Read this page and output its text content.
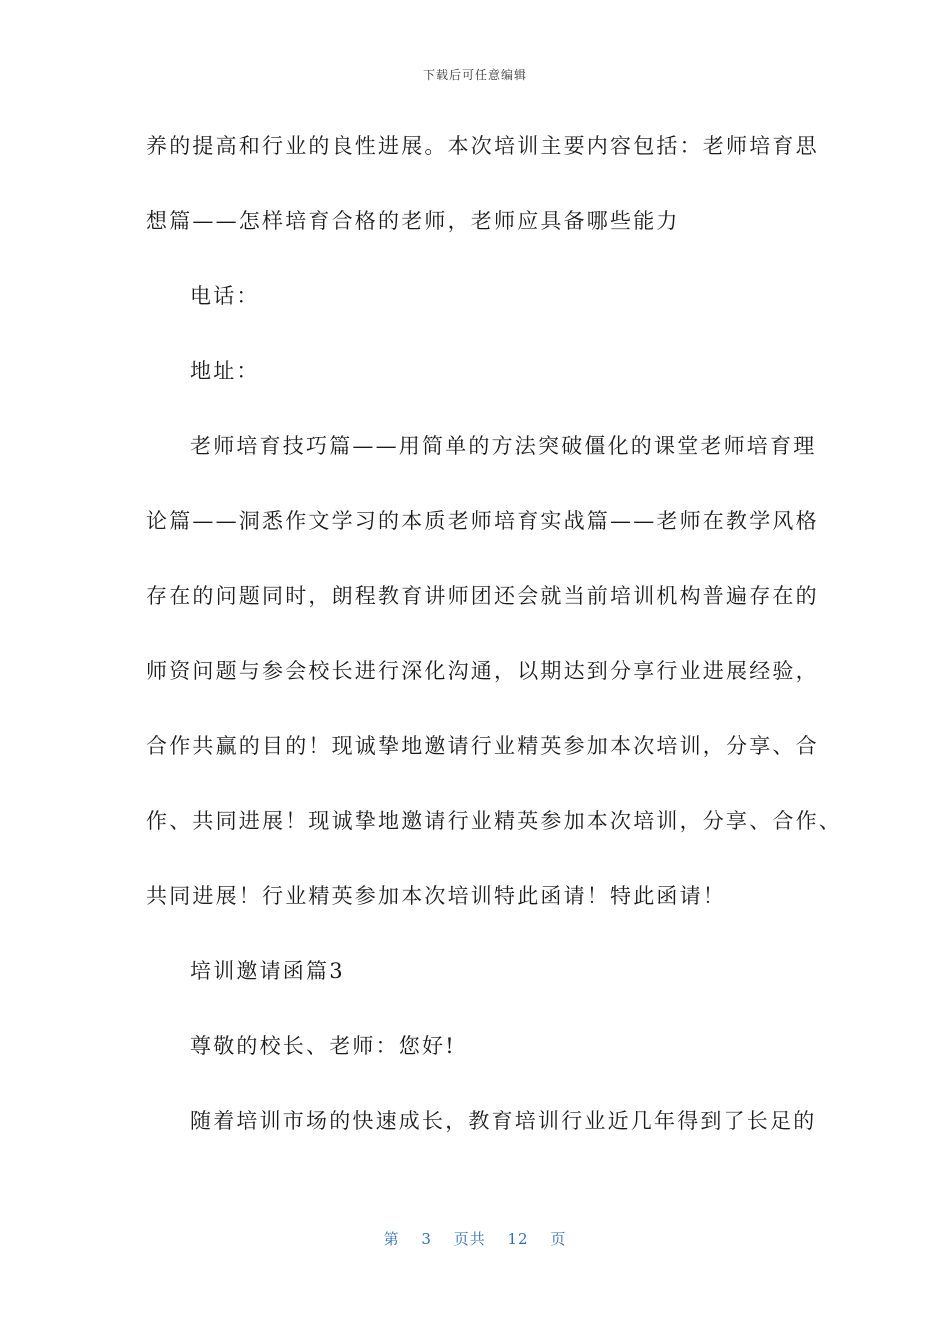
下载后可任意编辑
养的提高和行业的良性进展。本次培训主要内容包括：老师培育思
想篇——怎样培育合格的老师，老师应具备哪些能力
电话：
地址：
老师培育技巧篇——用简单的方法突破僵化的课堂老师培育理
论篇——洞悉作文学习的本质老师培育实战篇——老师在教学风格
存在的问题同时，朗程教育讲师团还会就当前培训机构普遍存在的
师资问题与参会校长进行深化沟通，以期达到分享行业进展经验，
合作共赢的目的！现诚挚地邀请行业精英参加本次培训，分享、合
作、共同进展！现诚挚地邀请行业精英参加本次培训，分享、合作、
共同进展！行业精英参加本次培训特此函请！特此函请！
培训邀请函篇3
尊敬的校长、老师：您好!
随着培训市场的快速成长，教育培训行业近几年得到了长足的
第 3 页共 12 页
